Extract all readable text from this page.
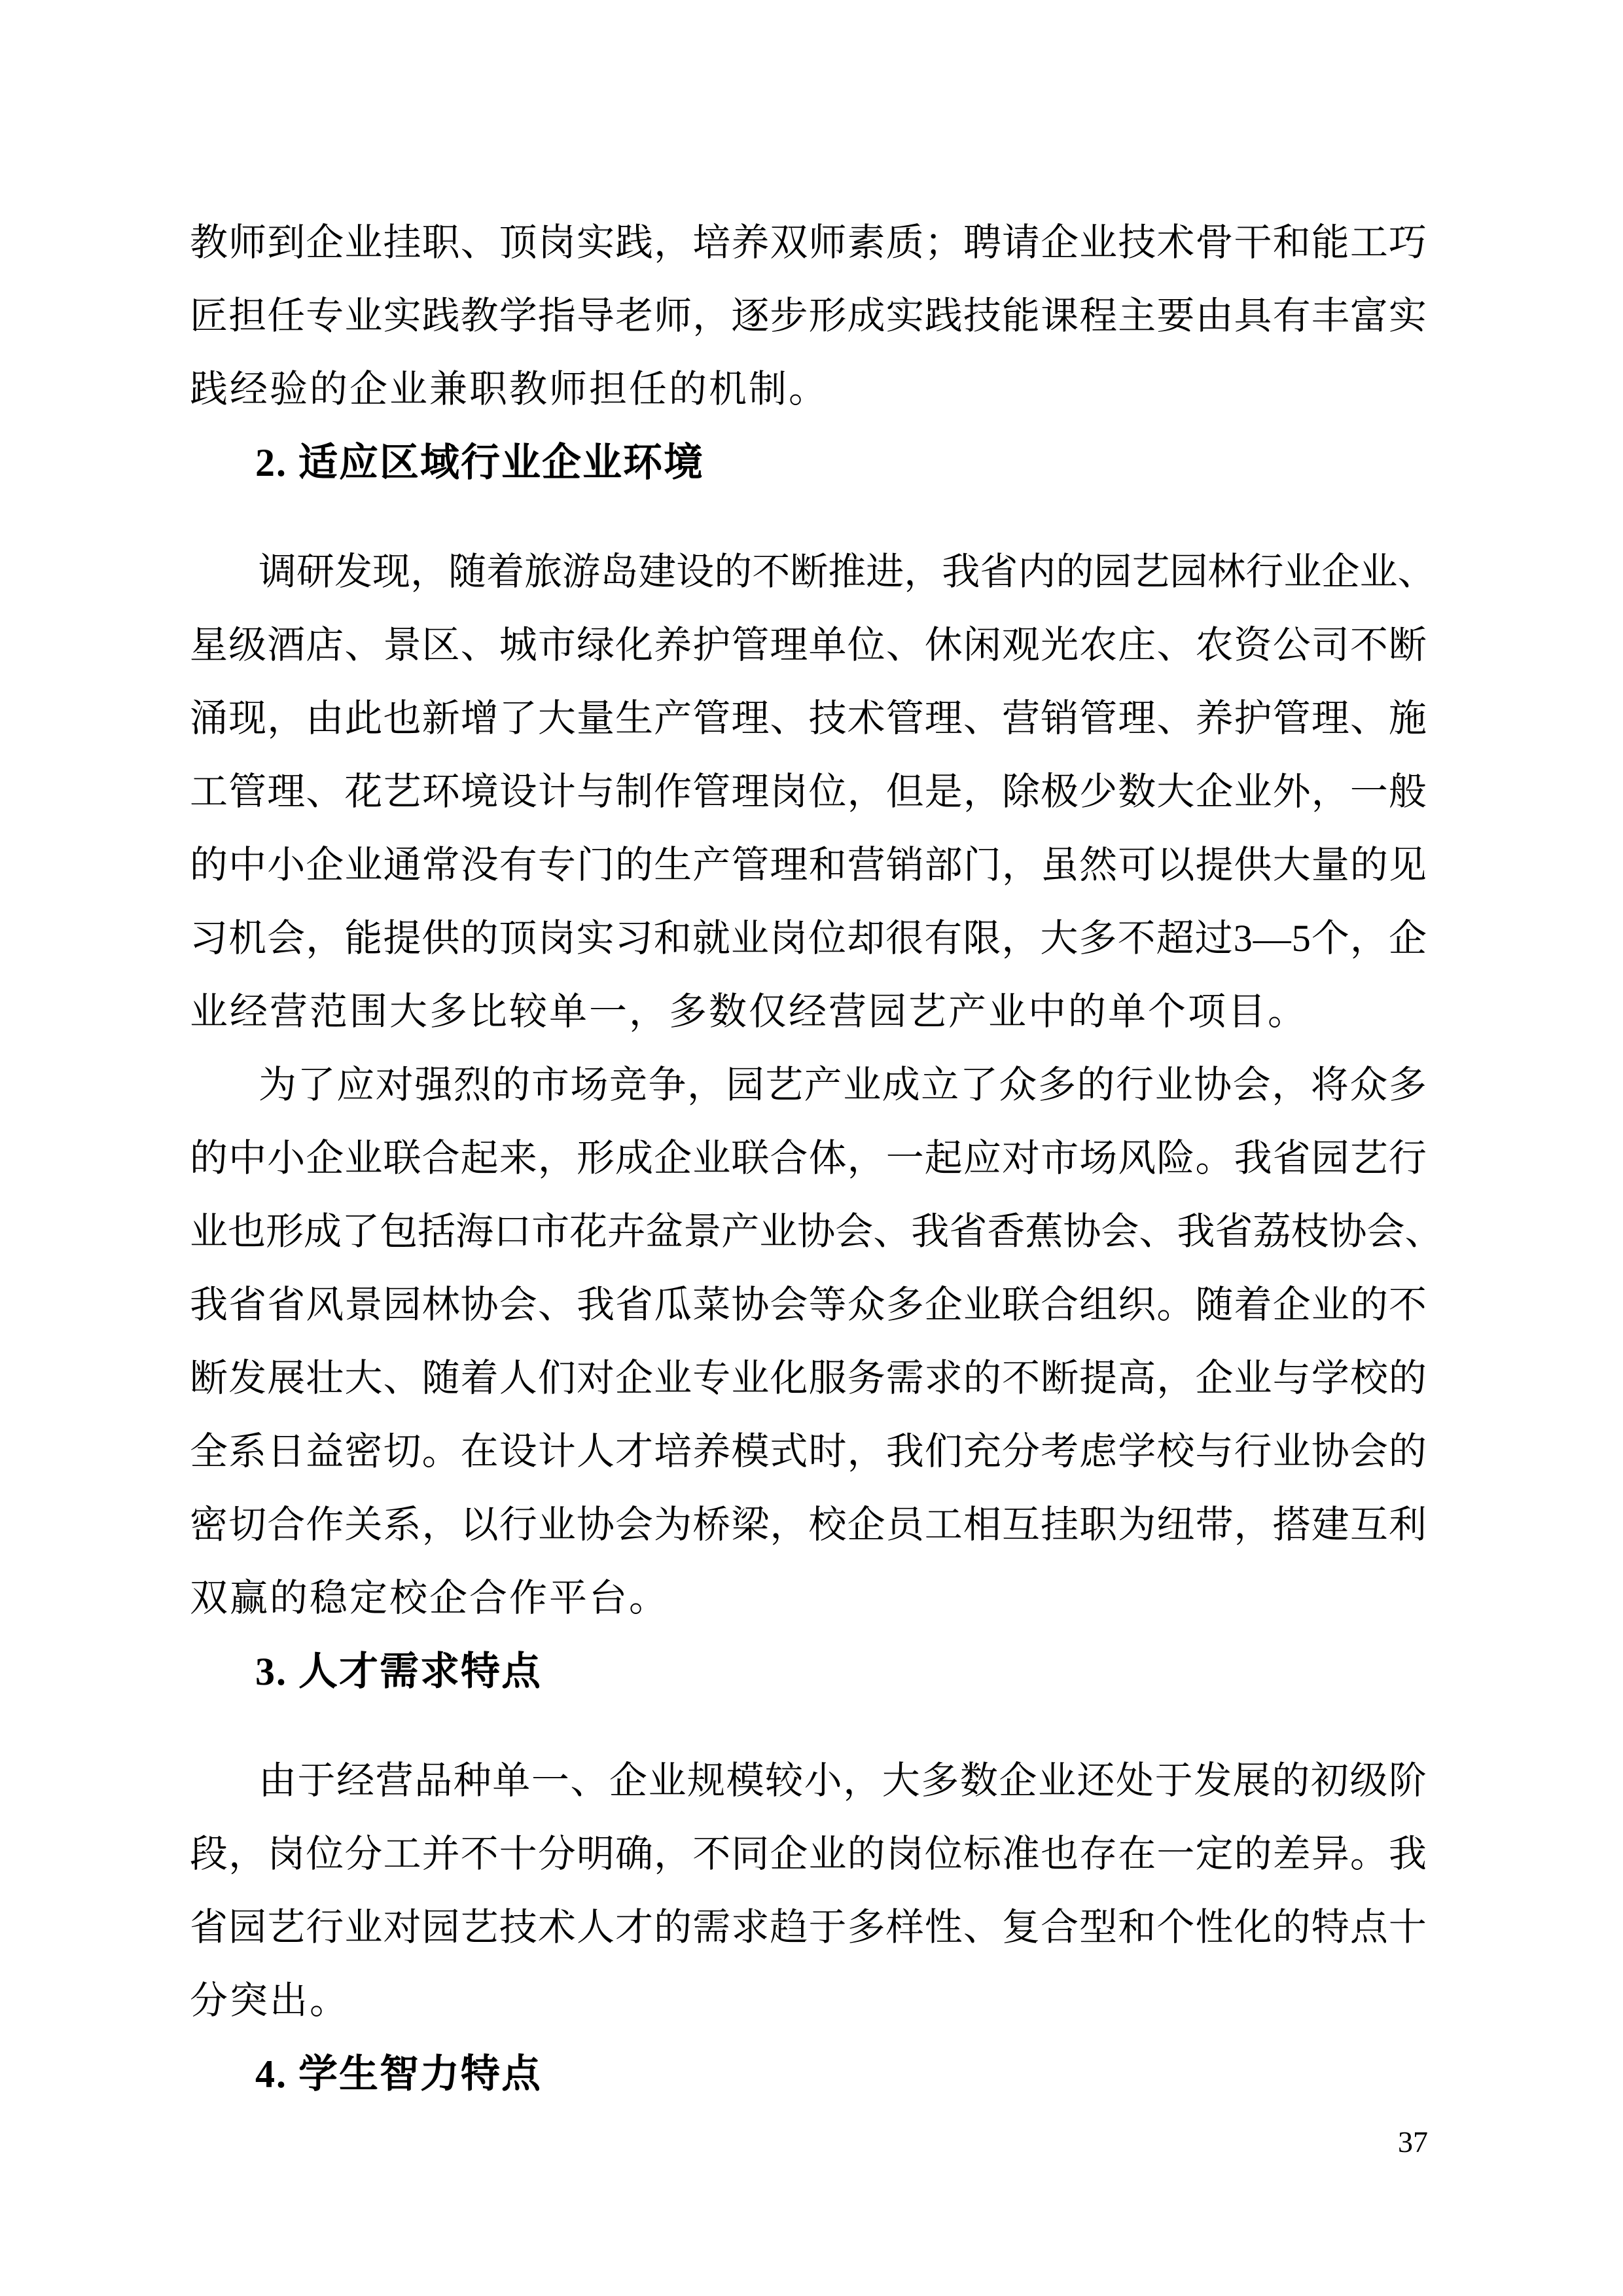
教 师 到 企 业 挂 职 、 顶 岗 实 践 ， 培 养 双 师 素 质 ； 聘 请 企 业 技 术 骨 干 和 能 工 巧
匠 担 任 专 业 实 践 教 学 指 导 老 师 ， 逐 步 形 成 实 践 技 能 课 程 主 要 由 具 有 丰 富 实
践经验的企业兼职教师担任的机制。
2. 适应区域行业企业环境
调 研 发 现 ， 随 着 旅 游 岛 建 设 的 不 断 推 进 ， 我 省 内 的 园 艺 园 林 行 业 企 业 、
星 级 酒 店 、 景 区 、 城 市 绿 化 养 护 管 理 单 位 、 休 闲 观 光 农 庄 、 农 资 公 司 不 断
涌 现 ， 由 此 也 新 增 了 大 量 生 产 管 理 、 技 术 管 理 、 营 销 管 理 、 养 护 管 理 、 施
工 管 理 、 花 艺 环 境 设 计 与 制 作 管 理 岗 位 ， 但 是 ， 除 极 少 数 大 企 业 外 ， 一 般
的 中 小 企 业 通 常 没 有 专 门 的 生 产 管 理 和 营 销 部 门 ， 虽 然 可 以 提 供 大 量 的 见
习 机 会 ， 能 提 供 的 顶 岗 实 习 和 就 业 岗 位 却 很 有 限 ， 大 多 不 超 过 3 — 5 个 ， 企
业经营范围大多比较单一，多数仅经营园艺产业中的单个项目。
为 了 应 对 强 烈 的 市 场 竞 争 ， 园 艺 产 业 成 立 了 众 多 的 行 业 协 会 ， 将 众 多
的 中 小 企 业 联 合 起 来 ， 形 成 企 业 联 合 体 ， 一 起 应 对 市 场 风 险 。 我 省 园 艺 行
业 也 形 成 了 包 括 海 口 市 花 卉 盆 景 产 业 协 会 、 我 省 香 蕉 协 会 、 我 省 荔 枝 协 会 、
我 省 省 风 景 园 林 协 会 、 我 省 瓜 菜 协 会 等 众 多 企 业 联 合 组 织 。 随 着 企 业 的 不
断 发 展 壮 大 、 随 着 人 们 对 企 业 专 业 化 服 务 需 求 的 不 断 提 高 ， 企 业 与 学 校 的
全 系 日 益 密 切 。 在 设 计 人 才 培 养 模 式 时 ， 我 们 充 分 考 虑 学 校 与 行 业 协 会 的
密 切 合 作 关 系 ， 以 行 业 协 会 为 桥 梁 ， 校 企 员 工 相 互 挂 职 为 纽 带 ， 搭 建 互 利
双赢的稳定校企合作平台。
3. 人才需求特点
由 于 经 营 品 种 单 一 、 企 业 规 模 较 小 ， 大 多 数 企 业 还 处 于 发 展 的 初 级 阶
段 ， 岗 位 分 工 并 不 十 分 明 确 ， 不 同 企 业 的 岗 位 标 准 也 存 在 一 定 的 差 异 。 我
省 园 艺 行 业 对 园 艺 技 术 人 才 的 需 求 趋 于 多 样 性 、 复 合 型 和 个 性 化 的 特 点 十
分突出。
4. 学生智力特点
37
